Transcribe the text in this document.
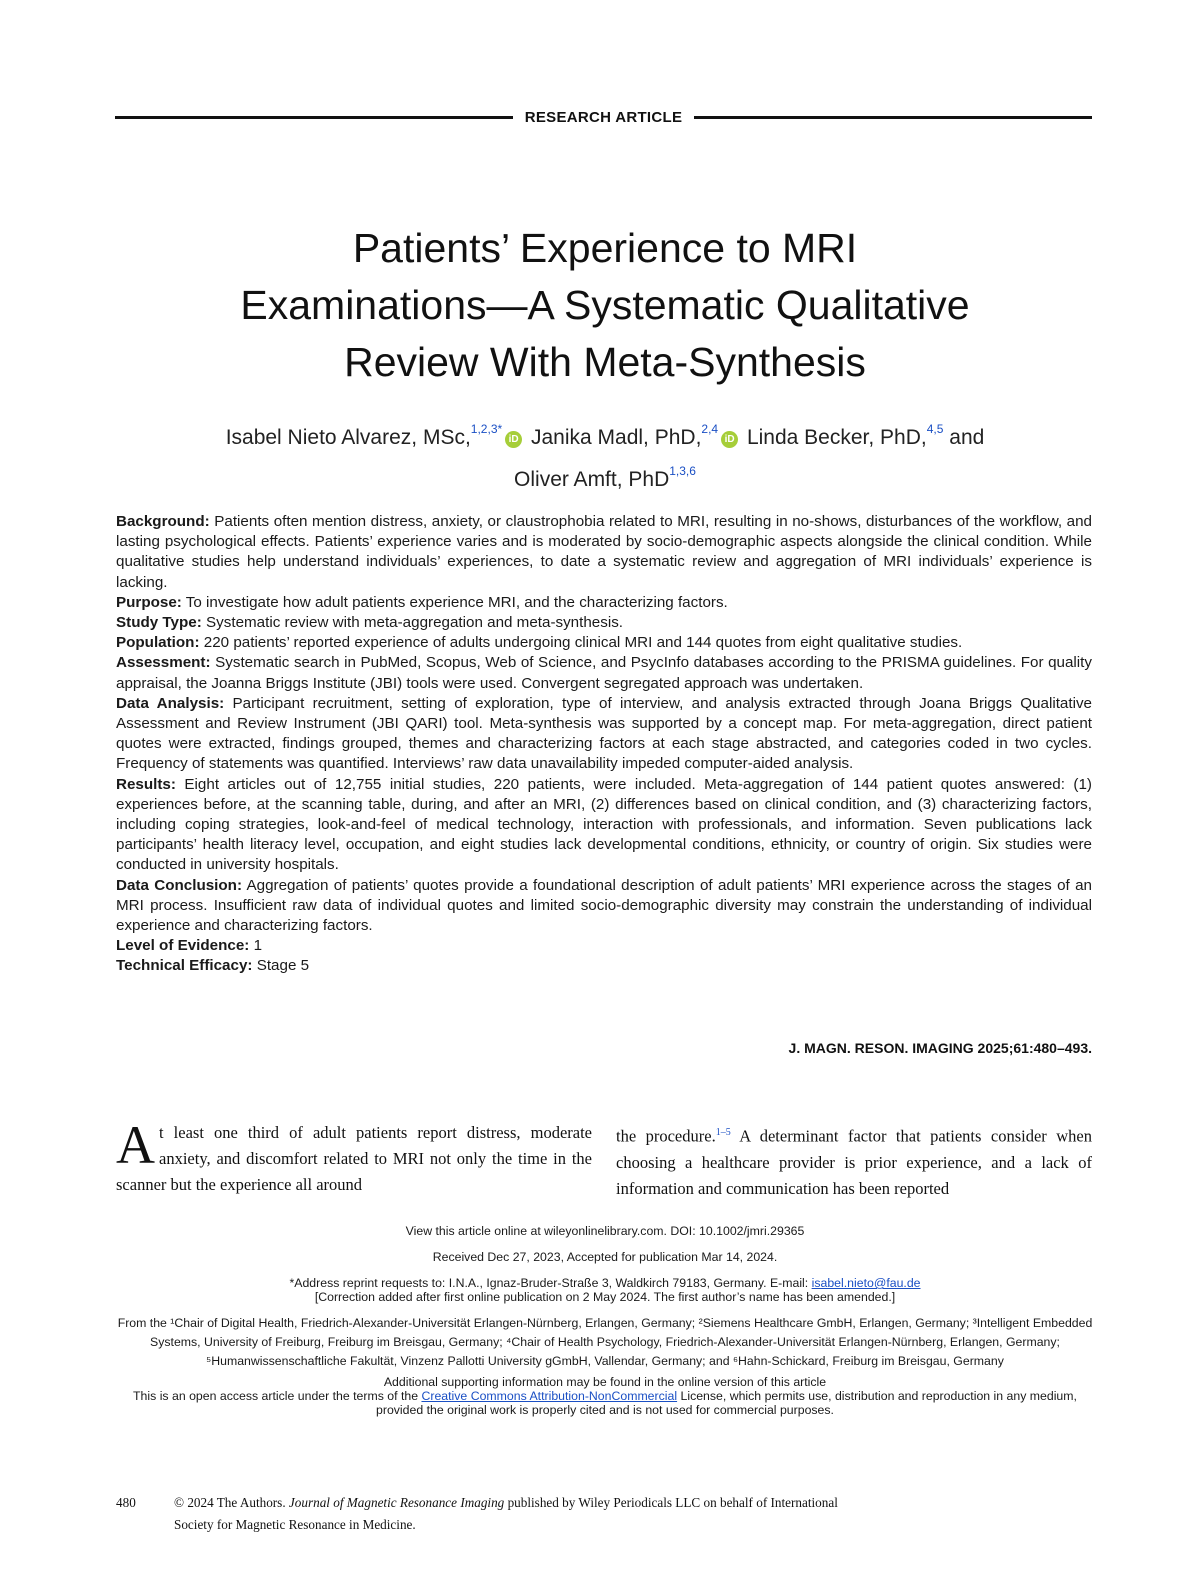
RESEARCH ARTICLE
Patients’ Experience to MRI
Examinations—A Systematic Qualitative
Review With Meta-Synthesis
Isabel Nieto Alvarez, MSc,$^{1,2,3*}$iD Janika Madl, PhD,$^{2,4}$iD Linda Becker, PhD,$^{4,5}$ and
Oliver Amft, PhD$^{1,3,6}$

Background: Patients often mention distress, anxiety, or claustrophobia related to MRI, resulting in no-shows, disturbances of the workflow, and lasting psychological effects. Patients’ experience varies and is moderated by socio-demographic aspects alongside the clinical condition. While qualitative studies help understand individuals’ experiences, to date a systematic review and aggregation of MRI individuals’ experience is lacking.

Purpose: To investigate how adult patients experience MRI, and the characterizing factors.

Study Type: Systematic review with meta-aggregation and meta-synthesis.

Population: 220 patients’ reported experience of adults undergoing clinical MRI and 144 quotes from eight qualitative studies.

Assessment: Systematic search in PubMed, Scopus, Web of Science, and PsycInfo databases according to the PRISMA guidelines. For quality appraisal, the Joanna Briggs Institute (JBI) tools were used. Convergent segregated approach was undertaken.

Data Analysis: Participant recruitment, setting of exploration, type of interview, and analysis extracted through Joana Briggs Qualitative Assessment and Review Instrument (JBI QARI) tool. Meta-synthesis was supported by a concept map. For meta-aggregation, direct patient quotes were extracted, findings grouped, themes and characterizing factors at each stage abstracted, and categories coded in two cycles. Frequency of statements was quantified. Interviews’ raw data unavailability impeded computer-aided analysis.

Results: Eight articles out of 12,755 initial studies, 220 patients, were included. Meta-aggregation of 144 patient quotes answered: (1) experiences before, at the scanning table, during, and after an MRI, (2) differences based on clinical condition, and (3) characterizing factors, including coping strategies, look-and-feel of medical technology, interaction with professionals, and information. Seven publications lack participants’ health literacy level, occupation, and eight studies lack developmental conditions, ethnicity, or country of origin. Six studies were conducted in university hospitals.

Data Conclusion: Aggregation of patients’ quotes provide a foundational description of adult patients’ MRI experience across the stages of an MRI process. Insufficient raw data of individual quotes and limited socio-demographic diversity may constrain the understanding of individual experience and characterizing factors.

Level of Evidence: 1

Technical Efficacy: Stage 5

J. MAGN. RESON. IMAGING 2025;61:480–493.
At least one third of adult patients report distress, moderate anxiety, and discomfort related to MRI not only the time in the scanner but the experience all around
the procedure.$^{1-5}$ A determinant factor that patients consider when choosing a healthcare provider is prior experience, and a lack of information and communication has been reported

View this article online at wileyonlinelibrary.com. DOI: 10.1002/jmri.29365

Received Dec 27, 2023, Accepted for publication Mar 14, 2024.

*Address reprint requests to: I.N.A., Ignaz-Bruder-Straße 3, Waldkirch 79183, Germany. E-mail: isabel.nieto@fau.de

[Correction added after first online publication on 2 May 2024. The first author’s name has been amended.]

From the ¹Chair of Digital Health, Friedrich-Alexander-Universität Erlangen-Nürnberg, Erlangen, Germany; ²Siemens Healthcare GmbH, Erlangen, Germany; ³Intelligent Embedded Systems, University of Freiburg, Freiburg im Breisgau, Germany; ⁴Chair of Health Psychology, Friedrich-Alexander-Universität Erlangen-Nürnberg, Erlangen, Germany; ⁵Humanwissenschaftliche Fakultät, Vinzenz Pallotti University gGmbH, Vallendar, Germany; and ⁶Hahn-Schickard, Freiburg im Breisgau, Germany

Additional supporting information may be found in the online version of this article

This is an open access article under the terms of the Creative Commons Attribution-NonCommercial License, which permits use, distribution and reproduction in any medium, provided the original work is properly cited and is not used for commercial purposes.

480	© 2024 The Authors. Journal of Magnetic Resonance Imaging published by Wiley Periodicals LLC on behalf of International Society for Magnetic Resonance in Medicine.
